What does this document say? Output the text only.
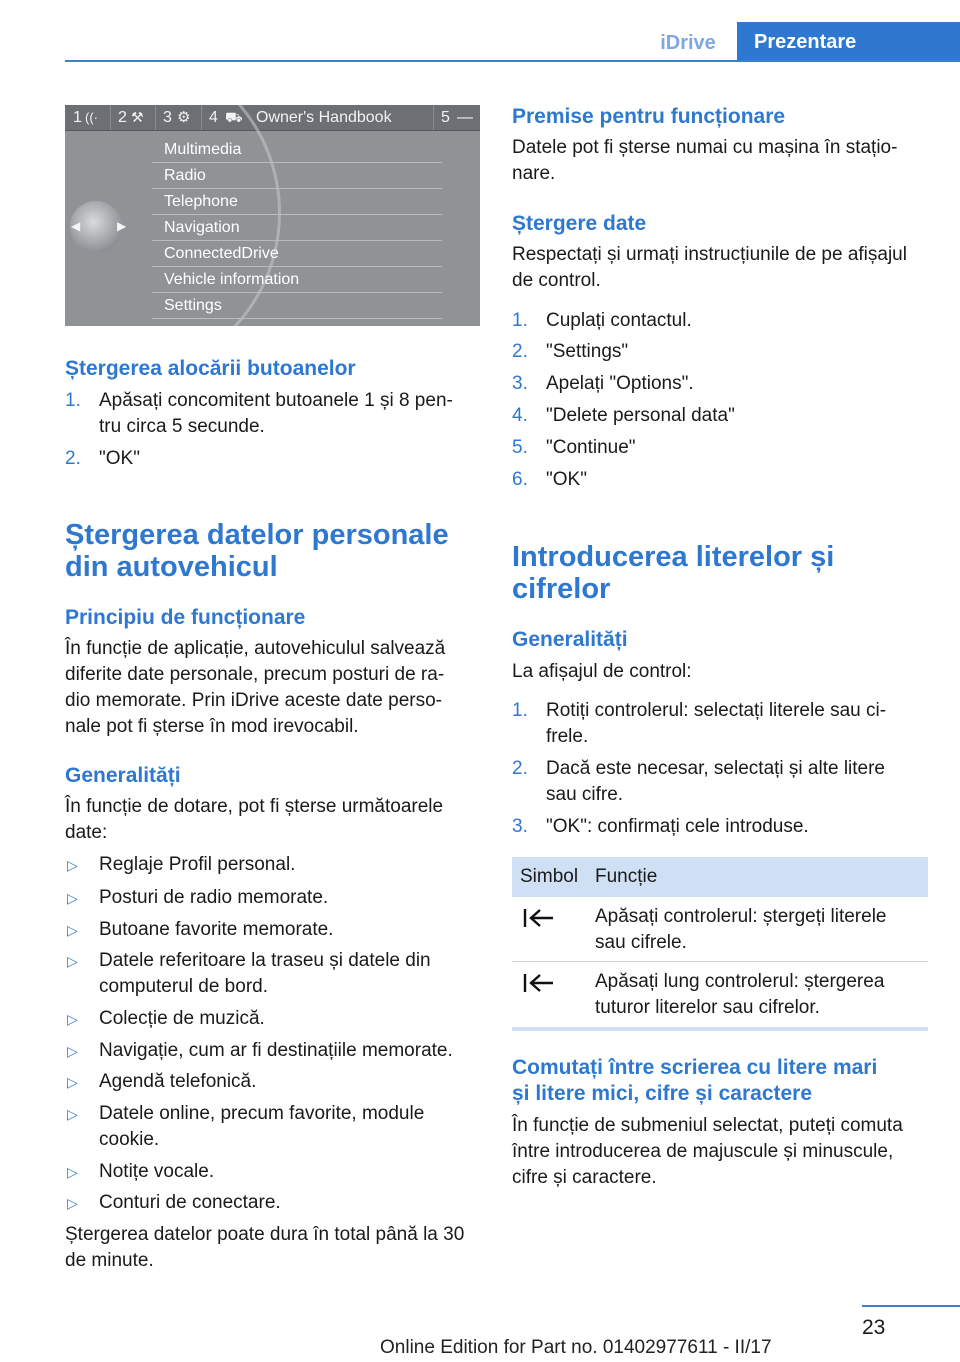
iDrive	Prezentare
1 ((· 2 ⚒ 3 ⚙ 4 ⛟ Owner's Handbook	5 —
◀	▶
Multimedia
Radio
Telephone
Navigation
ConnectedDrive
Vehicle information
Settings
Ștergerea alocării butoanelor
1. Apăsați concomitent butoanele 1 și 8 pen-
tru circa 5 secunde.
2. "OK"
Ștergerea datelor personale
din autovehicul
Principiu de funcționare
În funcție de aplicație, autovehiculul salvează
diferite date personale, precum posturi de ra-
dio memorate. Prin iDrive aceste date perso-
nale pot fi șterse în mod irevocabil.
Generalități
În funcție de dotare, pot fi șterse următoarele
date:
▷ Reglaje Profil personal.
▷ Posturi de radio memorate.
▷ Butoane favorite memorate.
▷ Datele referitoare la traseu și datele din
computerul de bord.
▷ Colecție de muzică.
▷ Navigație, cum ar fi destinațiile memorate.
▷ Agendă telefonică.
▷ Datele online, precum favorite, module
cookie.
▷ Notițe vocale.
▷ Conturi de conectare.
Ștergerea datelor poate dura în total până la 30
de minute.
Premise pentru funcționare
Datele pot fi șterse numai cu mașina în stațio-
nare.
Ștergere date
Respectați și urmați instrucțiunile de pe afișajul
de control.
1. Cuplați contactul.
2. "Settings"
3. Apelați "Options".
4. "Delete personal data"
5. "Continue"
6. "OK"
Introducerea literelor și
cifrelor
Generalități
La afișajul de control:
1. Rotiți controlerul: selectați literele sau ci-
frele.
2. Dacă este necesar, selectați și alte litere
sau cifre.
3. "OK": confirmați cele introduse.
Simbol Funcție
Apăsați controlerul: ștergeți literele
sau cifrele.
Apăsați lung controlerul: ștergerea
tuturor literelor sau cifrelor.
Comutați între scrierea cu litere mari
și litere mici, cifre și caractere
În funcție de submeniul selectat, puteți comuta
între introducerea de majuscule și minuscule,
cifre și caractere.
23
Online Edition for Part no. 01402977611 - II/17
